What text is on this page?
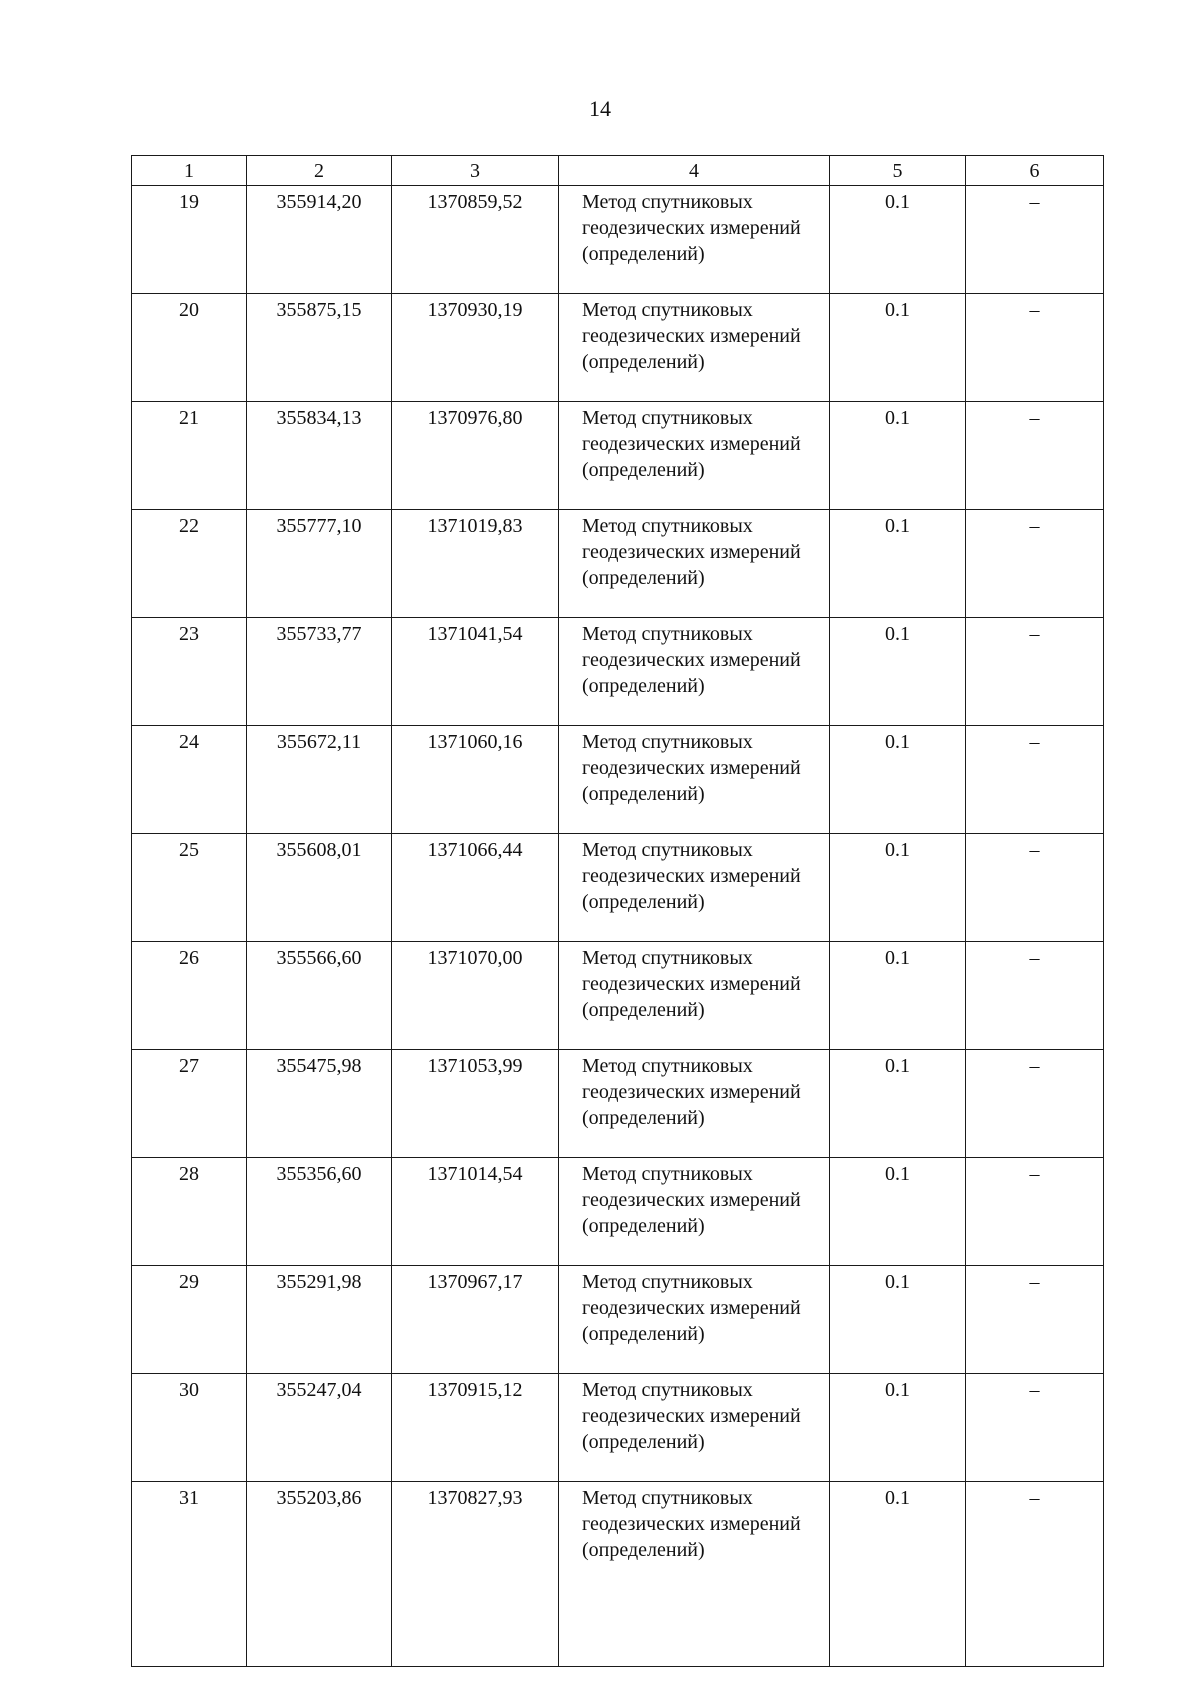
14
1	2	3	4	5	6
19	355914,20	1370859,52	Метод спутниковых геодезических измерений (определений)	0.1	–
20	355875,15	1370930,19	Метод спутниковых геодезических измерений (определений)	0.1	–
21	355834,13	1370976,80	Метод спутниковых геодезических измерений (определений)	0.1	–
22	355777,10	1371019,83	Метод спутниковых геодезических измерений (определений)	0.1	–
23	355733,77	1371041,54	Метод спутниковых геодезических измерений (определений)	0.1	–
24	355672,11	1371060,16	Метод спутниковых геодезических измерений (определений)	0.1	–
25	355608,01	1371066,44	Метод спутниковых геодезических измерений (определений)	0.1	–
26	355566,60	1371070,00	Метод спутниковых геодезических измерений (определений)	0.1	–
27	355475,98	1371053,99	Метод спутниковых геодезических измерений (определений)	0.1	–
28	355356,60	1371014,54	Метод спутниковых геодезических измерений (определений)	0.1	–
29	355291,98	1370967,17	Метод спутниковых геодезических измерений (определений)	0.1	–
30	355247,04	1370915,12	Метод спутниковых геодезических измерений (определений)	0.1	–
31	355203,86	1370827,93	Метод спутниковых геодезических измерений (определений)	0.1	–
